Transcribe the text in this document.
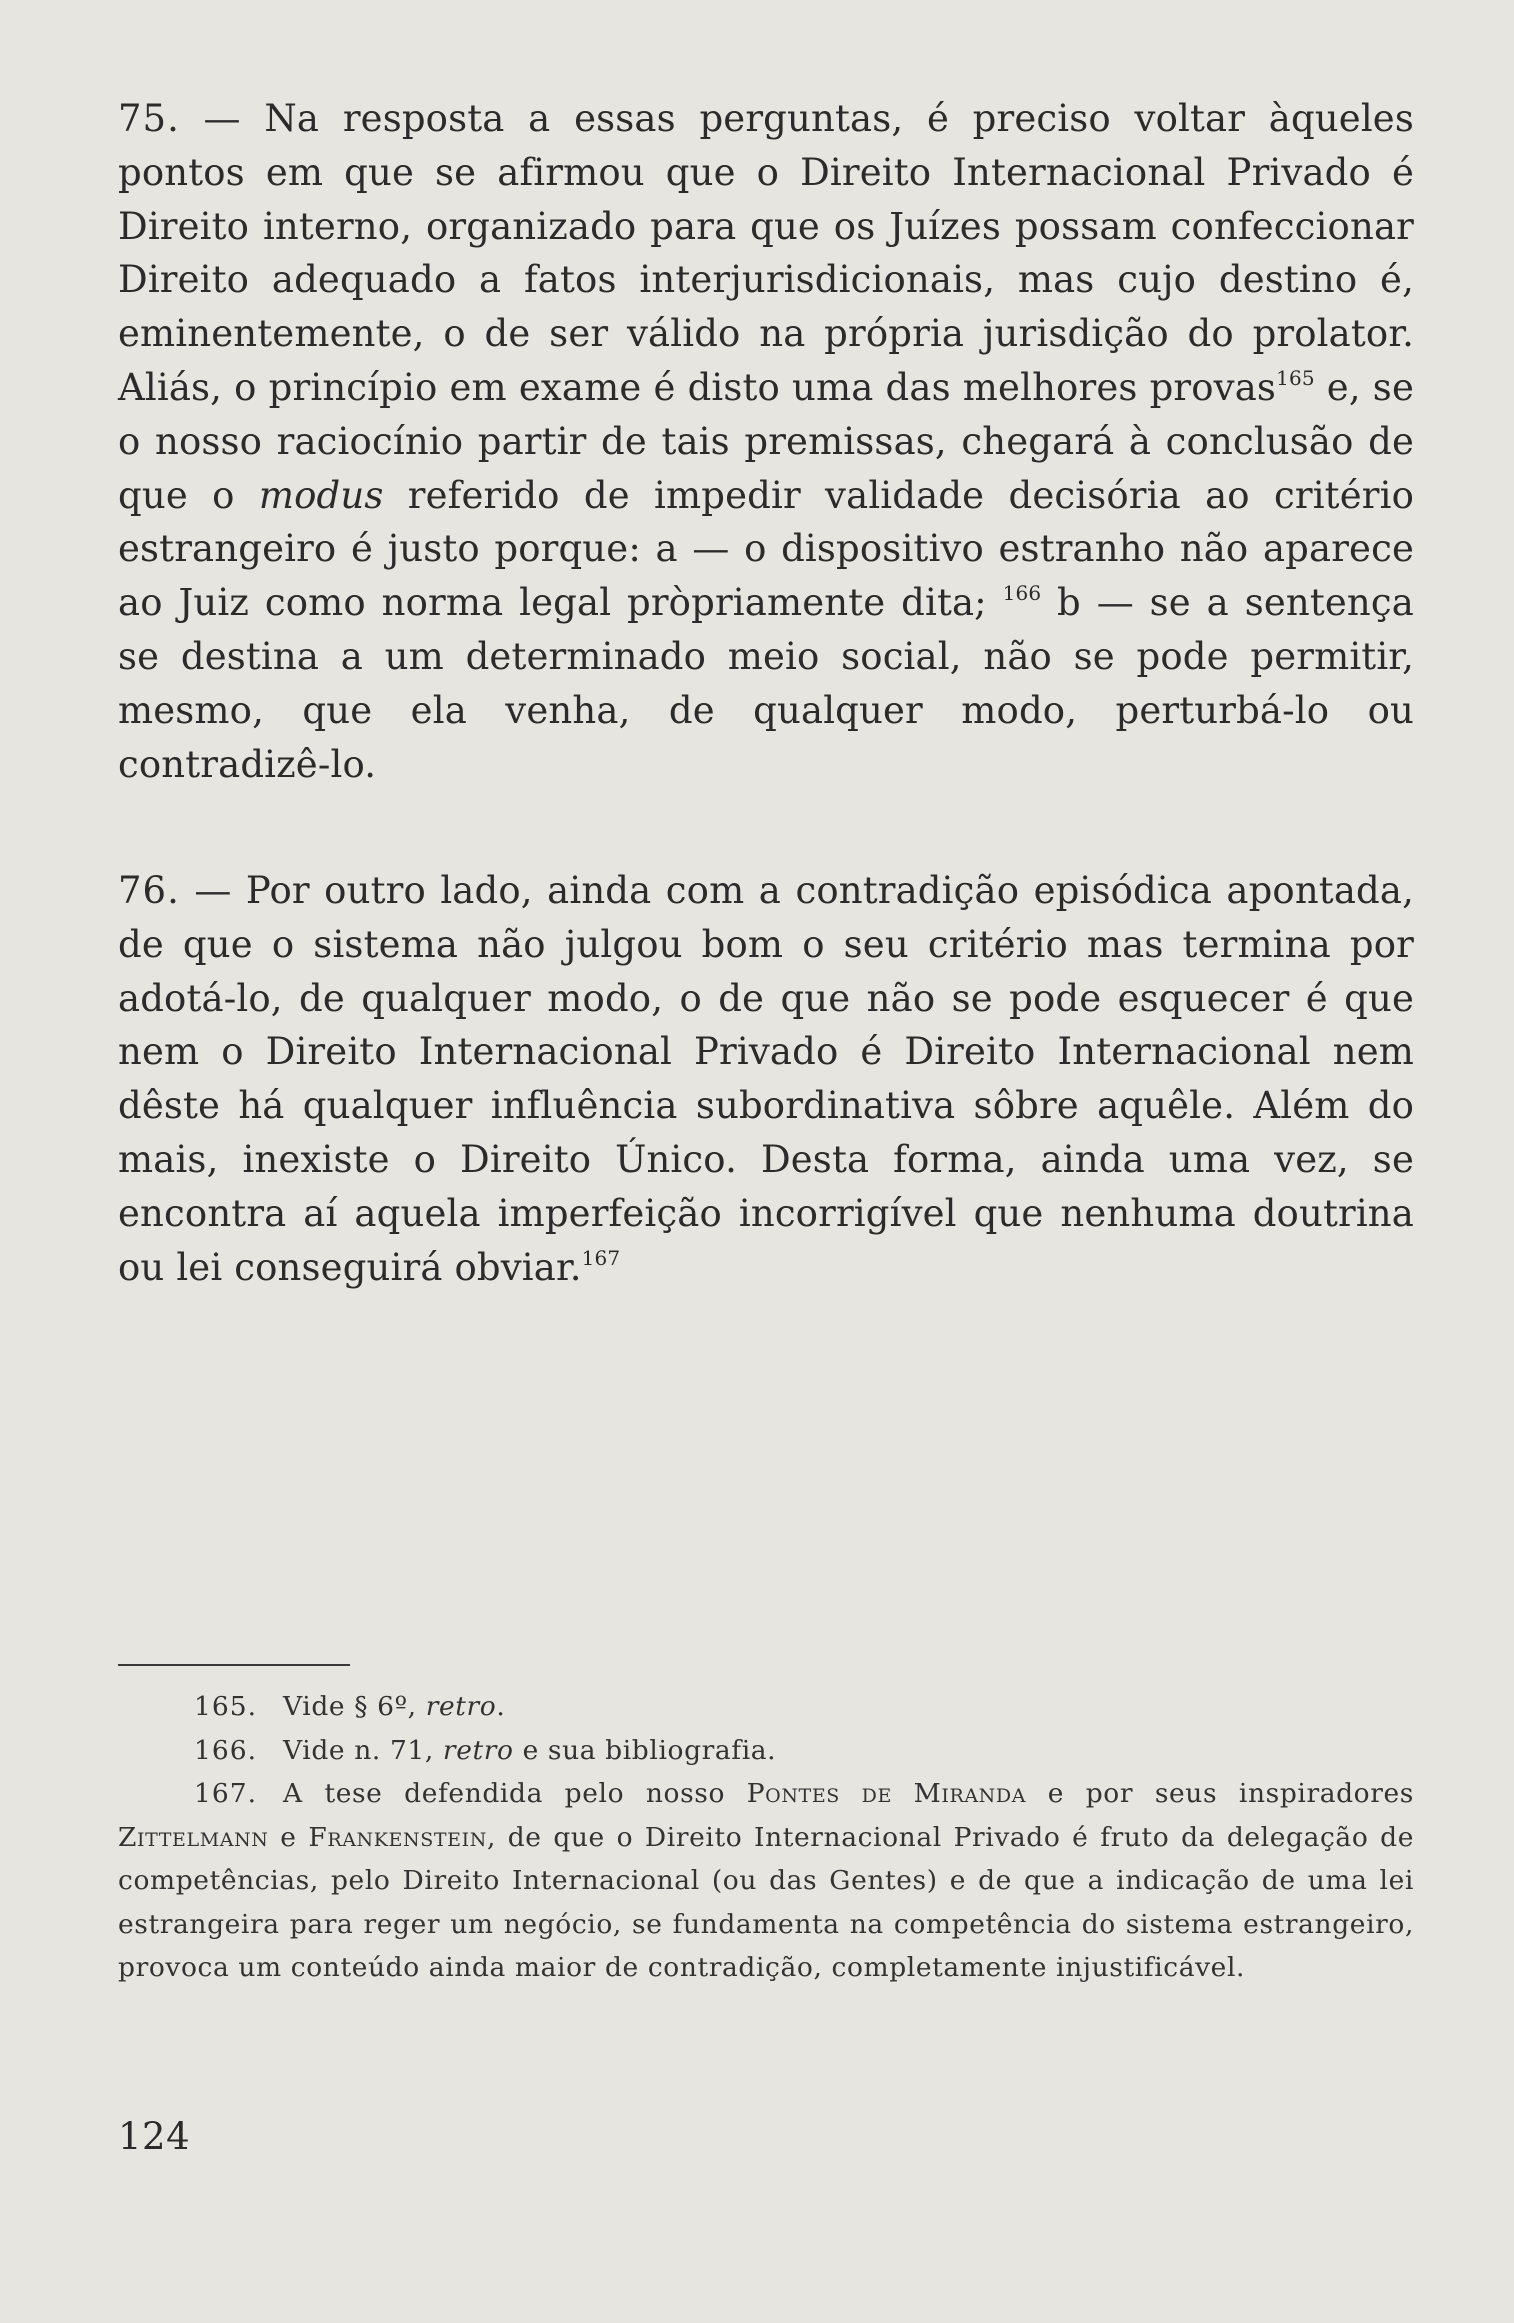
75. — Na resposta a essas perguntas, é preciso voltar àqueles pontos em que se afirmou que o Direito Internacional Privado é Direito interno, organizado para que os Juízes possam confeccionar Direito adequado a fatos interjurisdicionais, mas cujo destino é, eminentemente, o de ser válido na própria jurisdição do prolator. Aliás, o princípio em exame é disto uma das melhores provas$^{165}$ e, se o nosso raciocínio partir de tais premissas, chegará à conclusão de que o modus referido de impedir validade decisória ao critério estrangeiro é justo porque: a — o dispositivo estranho não aparece ao Juiz como norma legal pròpriamente dita; $^{166}$ b — se a sentença se destina a um determinado meio social, não se pode permitir, mesmo, que ela venha, de qualquer modo, perturbá-lo ou contradizê-lo.

76. — Por outro lado, ainda com a contradição episódica apontada, de que o sistema não julgou bom o seu critério mas termina por adotá-lo, de qualquer modo, o de que não se pode esquecer é que nem o Direito Internacional Privado é Direito Internacional nem dêste há qualquer influência subordinativa sôbre aquêle. Além do mais, inexiste o Direito Único. Desta forma, ainda uma vez, se encontra aí aquela imperfeição incorrigível que nenhuma doutrina ou lei conseguirá obviar.$^{167}$

165. Vide § 6º, retro.

166. Vide n. 71, retro e sua bibliografia.

167. A tese defendida pelo nosso Pontes de Miranda e por seus inspiradores Zittelmann e Frankenstein, de que o Direito Internacional Privado é fruto da delegação de competências, pelo Direito Internacional (ou das Gentes) e de que a indicação de uma lei estrangeira para reger um negócio, se fundamenta na competência do sistema estrangeiro, provoca um conteúdo ainda maior de contradição, completamente injustificável.

124
